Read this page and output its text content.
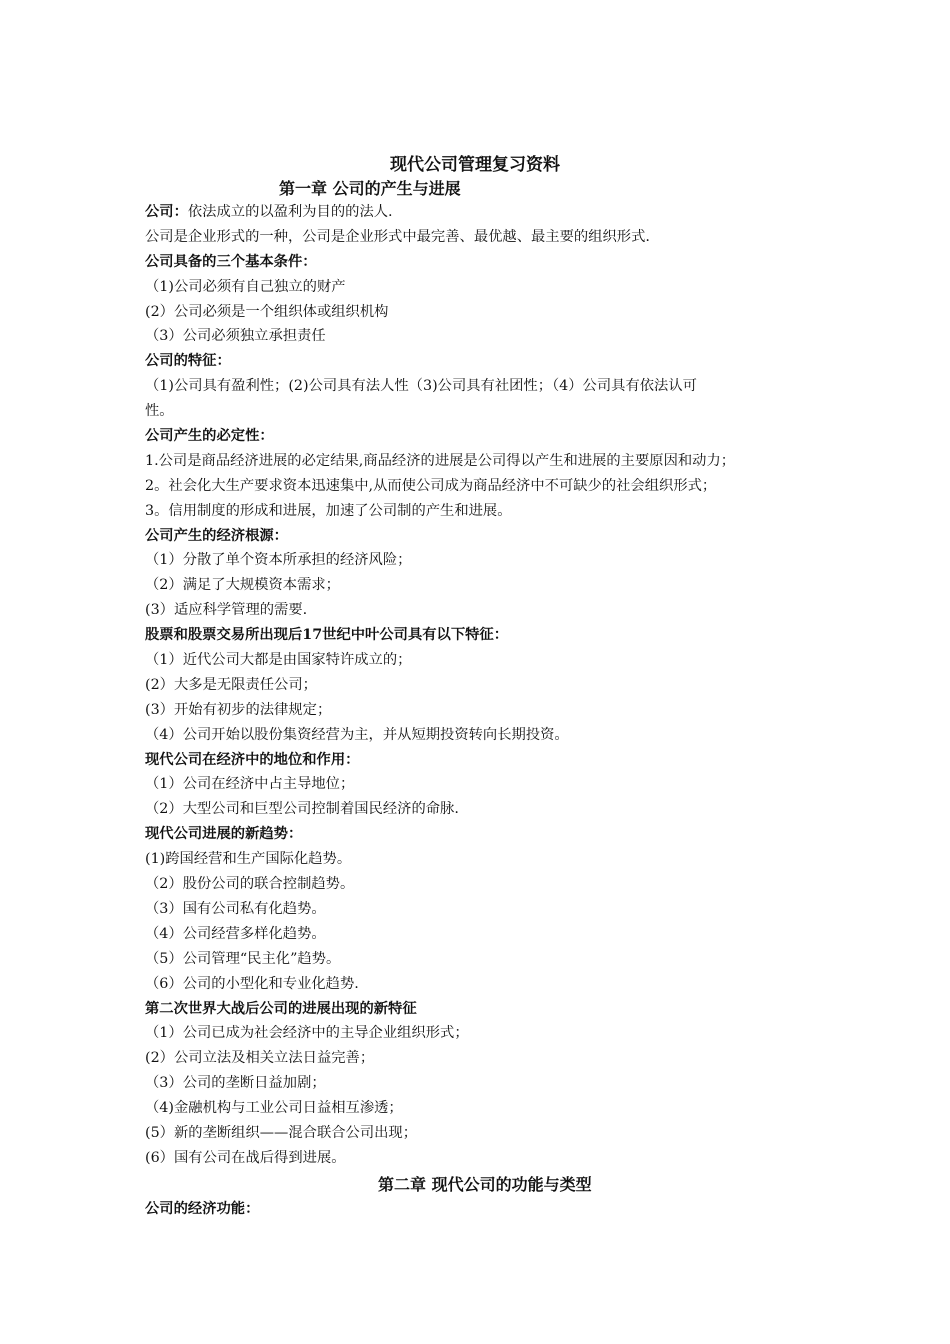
现代公司管理复习资料
第一章 公司的产生与进展
公司：依法成立的以盈利为目的的法人.
公司是企业形式的一种，公司是企业形式中最完善、最优越、最主要的组织形式.
公司具备的三个基本条件：
（1)公司必须有自己独立的财产
(2）公司必须是一个组织体或组织机构
（3）公司必须独立承担责任
公司的特征：
（1)公司具有盈利性；(2)公司具有法人性（3)公司具有社团性；（4）公司具有依法认可
性。
公司产生的必定性：
1.公司是商品经济进展的必定结果,商品经济的进展是公司得以产生和进展的主要原因和动力；
2。社会化大生产要求资本迅速集中,从而使公司成为商品经济中不可缺少的社会组织形式；
3。信用制度的形成和进展，加速了公司制的产生和进展。
公司产生的经济根源：
（1）分散了单个资本所承担的经济风险；
（2）满足了大规模资本需求；
(3）适应科学管理的需要.
股票和股票交易所出现后17世纪中叶公司具有以下特征：
（1）近代公司大都是由国家特许成立的；
(2）大多是无限责任公司；
(3）开始有初步的法律规定；
（4）公司开始以股份集资经营为主，并从短期投资转向长期投资。
现代公司在经济中的地位和作用：
（1）公司在经济中占主导地位；
（2）大型公司和巨型公司控制着国民经济的命脉.
现代公司进展的新趋势：
(1)跨国经营和生产国际化趋势。
（2）股份公司的联合控制趋势。
（3）国有公司私有化趋势。
（4）公司经营多样化趋势。
（5）公司管理“民主化”趋势。
（6）公司的小型化和专业化趋势.
第二次世界大战后公司的进展出现的新特征
（1）公司已成为社会经济中的主导企业组织形式；
(2）公司立法及相关立法日益完善；
（3）公司的垄断日益加剧；
（4)金融机构与工业公司日益相互渗透；
(5）新的垄断组织——混合联合公司出现；
(6）国有公司在战后得到进展。
第二章 现代公司的功能与类型
公司的经济功能：
